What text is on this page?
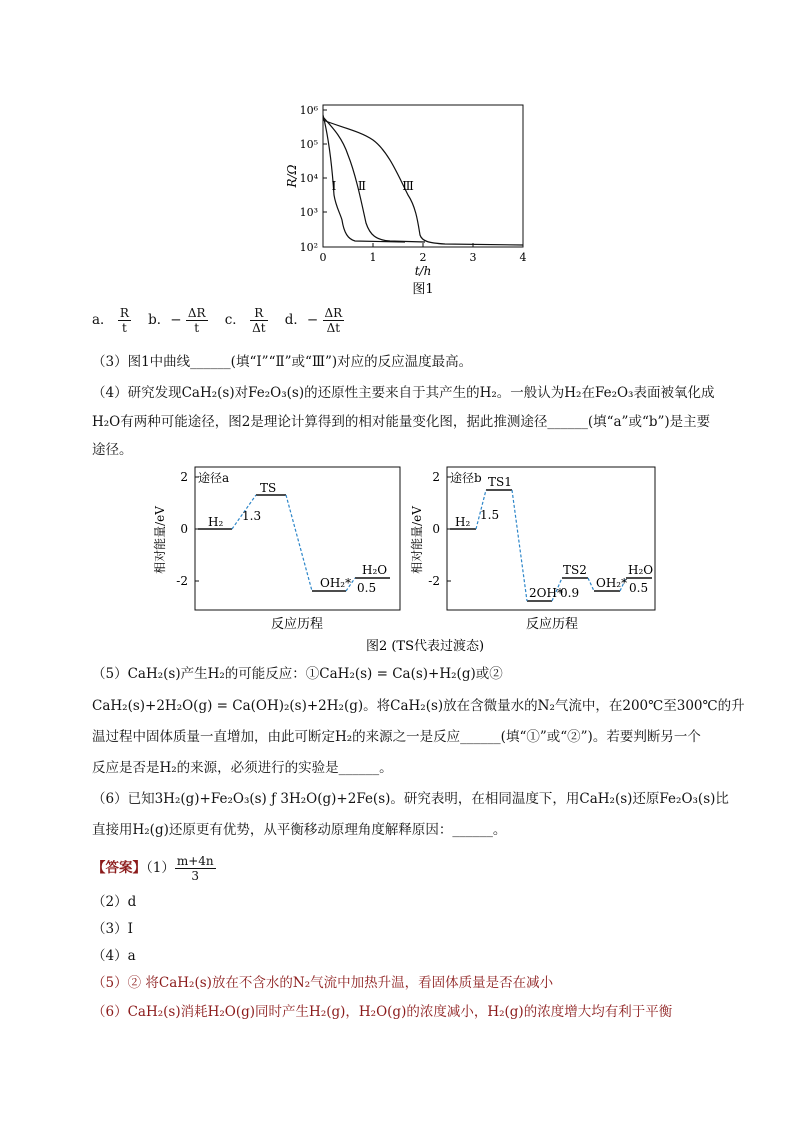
10⁶
10⁵
10⁴
10³
10²
0	1	2	3	4
R/Ω
t/h
图1
Ⅰ Ⅱ	Ⅲ
a． $\frac{R}{t}$ b．− $\frac{\Delta R}{t}$ c． $\frac{R}{\Delta t}$ d．− $\frac{\Delta R}{\Delta t}$
（3）图1中曲线______(填“Ⅰ”“Ⅱ”或“Ⅲ”)对应的反应温度最高。
（4）研究发现CaH₂(s)对Fe₂O₃(s)的还原性主要来自于其产生的H₂。一般认为H₂在Fe₂O₃表面被氧化成
H₂O有两种可能途径，图2是理论计算得到的相对能量变化图，据此推测途径______(填“a”或“b”)是主要
途径。
2
0
-2
相对能量/eV
途径a
H₂ 1.3
TS
OH₂*
H₂O
0.5
反应历程
2
0
-2
相对能量/eV
途径b
H₂ 1.5
TS1
2OH*
0.9
TS2
OH₂*
H₂O
0.5
反应历程
图2 (TS代表过渡态)
（5）CaH₂(s)产生H₂的可能反应：①CaH₂(s) = Ca(s)+H₂(g)或②
CaH₂(s)+2H₂O(g) = Ca(OH)₂(s)+2H₂(g)。将CaH₂(s)放在含微量水的N₂气流中，在200℃至300℃的升
温过程中固体质量一直增加，由此可断定H₂的来源之一是反应______(填“①”或“②”)。若要判断另一个
反应是否是H₂的来源，必须进行的实验是______。
（6）已知3H₂(g)+Fe₂O₃(s) ƒ 3H₂O(g)+2Fe(s)。研究表明，在相同温度下，用CaH₂(s)还原Fe₂O₃(s)比
直接用H₂(g)还原更有优势，从平衡移动原理角度解释原因：______。
【答案】$(1) \frac{m+4n}{3}$
（2）d
（3）Ⅰ
（4）a
（5）② 将CaH₂(s)放在不含水的N₂气流中加热升温，看固体质量是否在减小
（6）CaH₂(s)消耗H₂O(g)同时产生H₂(g)，H₂O(g)的浓度减小，H₂(g)的浓度增大均有利于平衡
